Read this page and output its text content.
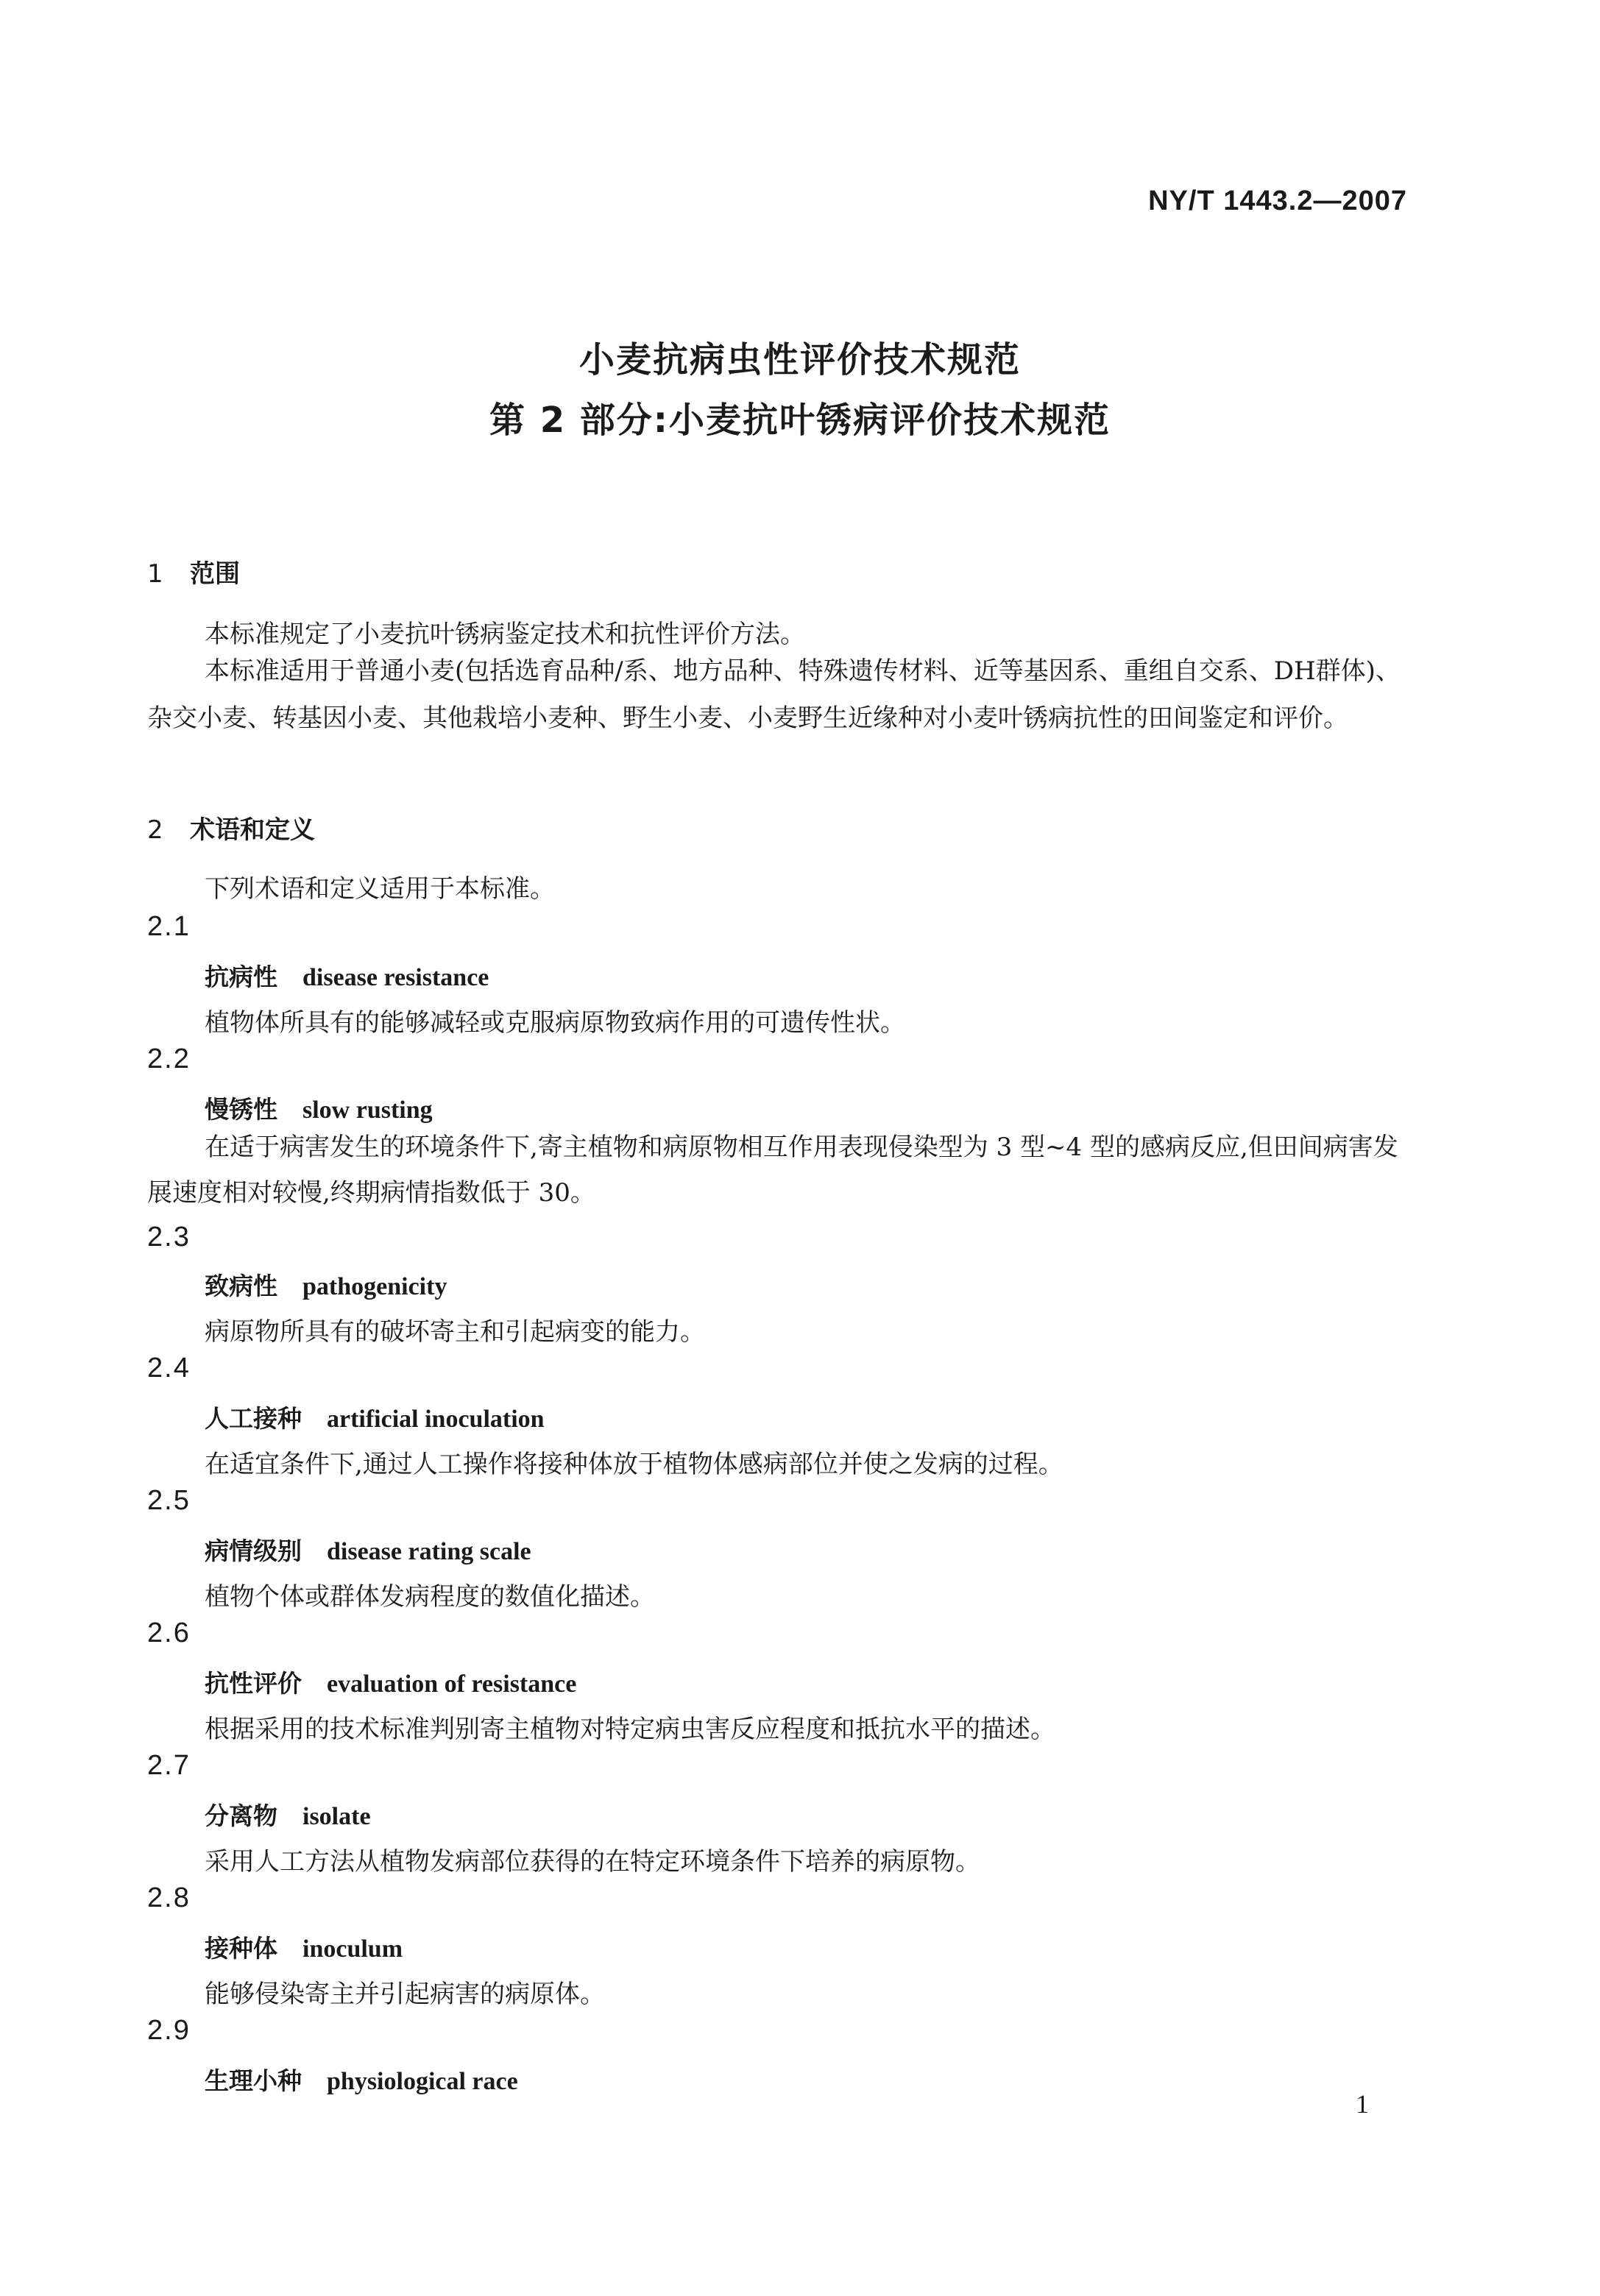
NY/T 1443.2—2007
小麦抗病虫性评价技术规范
第 2 部分:小麦抗叶锈病评价技术规范
1 范围
本标准规定了小麦抗叶锈病鉴定技术和抗性评价方法。
本标准适用于普通小麦(包括选育品种/系、地方品种、特殊遗传材料、近等基因系、重组自交系、DH群体)、杂交小麦、转基因小麦、其他栽培小麦种、野生小麦、小麦野生近缘种对小麦叶锈病抗性的田间鉴定和评价。
2 术语和定义
下列术语和定义适用于本标准。
2.1
抗病性 disease resistance
植物体所具有的能够减轻或克服病原物致病作用的可遗传性状。
2.2
慢锈性 slow rusting
在适于病害发生的环境条件下,寄主植物和病原物相互作用表现侵染型为 3 型~4 型的感病反应,但田间病害发展速度相对较慢,终期病情指数低于 30。
2.3
致病性 pathogenicity
病原物所具有的破坏寄主和引起病变的能力。
2.4
人工接种 artificial inoculation
在适宜条件下,通过人工操作将接种体放于植物体感病部位并使之发病的过程。
2.5
病情级别 disease rating scale
植物个体或群体发病程度的数值化描述。
2.6
抗性评价 evaluation of resistance
根据采用的技术标准判别寄主植物对特定病虫害反应程度和抵抗水平的描述。
2.7
分离物 isolate
采用人工方法从植物发病部位获得的在特定环境条件下培养的病原物。
2.8
接种体 inoculum
能够侵染寄主并引起病害的病原体。
2.9
生理小种 physiological race
1
